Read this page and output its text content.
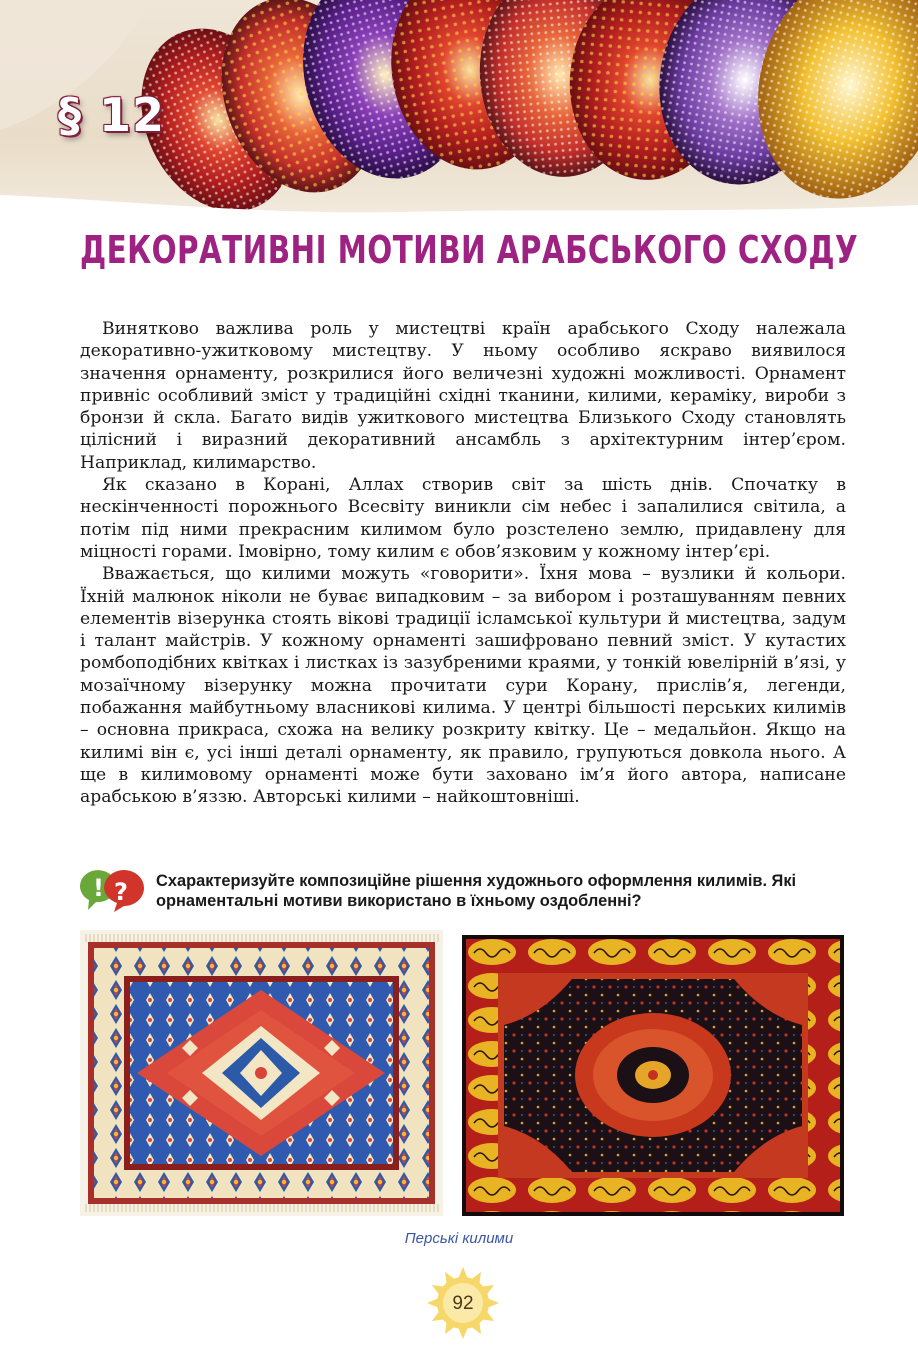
§ 12
ДЕКОРАТИВНІ МОТИВИ АРАБСЬКОГО СХОДУ

Винятково важлива роль у мистецтві країн арабського Сходу належала декоративно-ужитковому мистецтву. У ньому особливо яскраво виявилося значення орнаменту, розкрилися його величезні художні можливості. Орнамент привніс особливий зміст у традиційні східні тканини, килими, кераміку, вироби з бронзи й скла. Багато видів ужиткового мистецтва Близького Сходу становлять цілісний і виразний декоративний ансамбль з архітектурним інтер’єром. Наприклад, килимарство.

Як сказано в Корані, Аллах створив світ за шість днів. Спочатку в нескінченності порожнього Всесвіту виникли сім небес і запалилися світила, а потім під ними прекрасним килимом було розстелено землю, придавлену для міцності горами. Імовірно, тому килим є обов’язковим у кожному інтер’єрі.

Вважається, що килими можуть «говорити». Їхня мова – вузлики й кольори. Їхній малюнок ніколи не буває випадковим – за вибором і розташуванням певних елементів візерунка стоять вікові традиції ісламської культури й мистецтва, задум і талант майстрів. У кожному орнаменті зашифровано певний зміст. У кутастих ромбоподібних квітках і листках із зазубреними краями, у тонкій ювелірній в’язі, у мозаїчному візерунку можна прочитати сури Корану, прислів’я, легенди, побажання майбутньому власникові килима. У центрі більшості перських килимів – основна прикраса, схожа на велику розкриту квітку. Це – медальйон. Якщо на килимі він є, усі інші деталі орнаменту, як правило, групуються довкола нього. А ще в килимовому орнаменті може бути заховано ім’я його автора, написане арабською в’яззю. Авторські килими – найкоштовніші.

! ? Схарактеризуйте композиційне рішення художнього оформлення килимів. Які орнаментальні мотиви використано в їхньому оздобленні?
Перські килими
92
